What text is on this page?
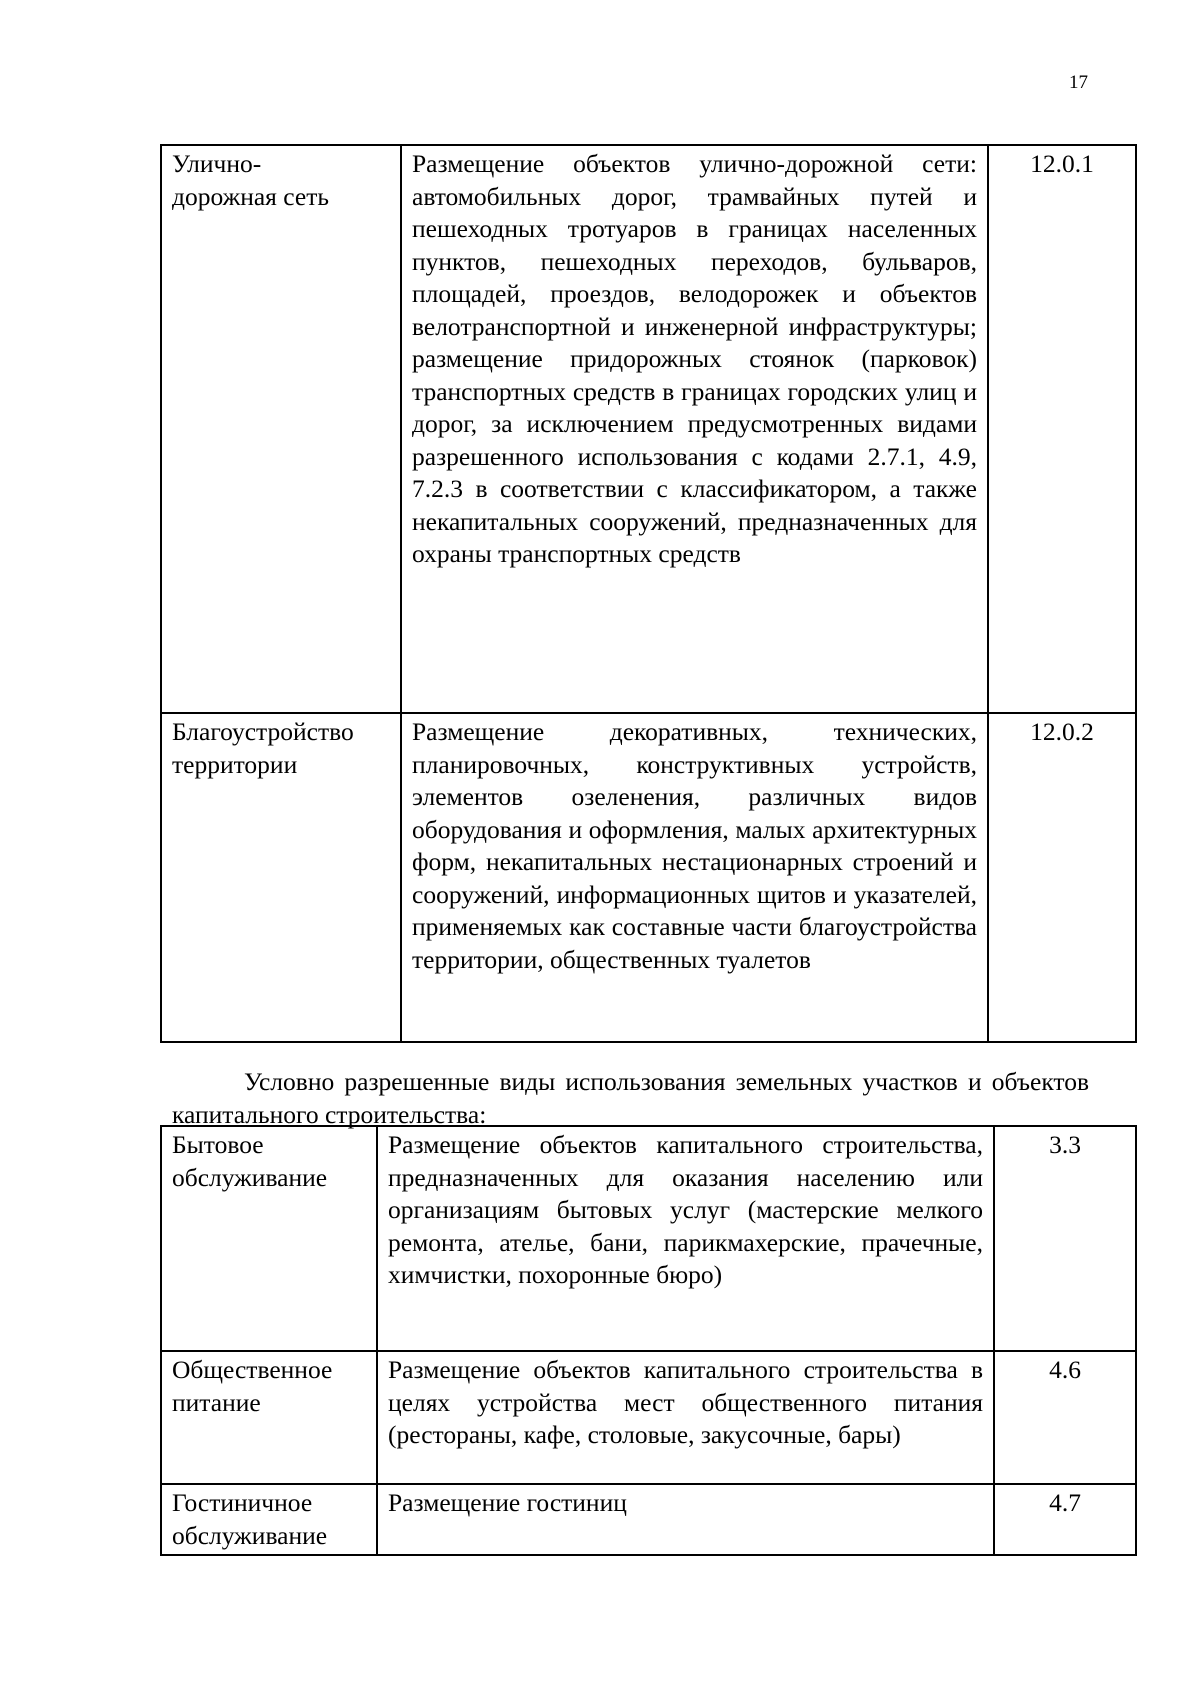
17
Улично-дорожная сеть	Размещение объектов улично-дорожной сети: автомобильных дорог, трамвайных путей и пешеходных тротуаров в границах населенных пунктов, пешеходных переходов, бульваров, площадей, проездов, велодорожек и объектов велотранспортной и инженерной инфраструктуры; размещение придорожных стоянок (парковок) транспортных средств в границах городских улиц и дорог, за исключением предусмотренных видами разрешенного использования с кодами 2.7.1, 4.9, 7.2.3 в соответствии с классификатором, а также некапитальных сооружений, предназначенных для охраны транспортных средств	12.0.1
Благоустройство территории	Размещение декоративных, технических, планировочных, конструктивных устройств, элементов озеленения, различных видов оборудования и оформления, малых архитектурных форм, некапитальных нестационарных строений и сооружений, информационных щитов и указателей, применяемых как составные части благоустройства территории, общественных туалетов	12.0.2
Условно разрешенные виды использования земельных участков и объектов капитального строительства:
Бытовое обслуживание	Размещение объектов капитального строительства, предназначенных для оказания населению или организациям бытовых услуг (мастерские мелкого ремонта, ателье, бани, парикмахерские, прачечные, химчистки, похоронные бюро)	3.3

Общественное питание	Размещение объектов капитального строительства в целях устройства мест общественного питания (рестораны, кафе, столовые, закусочные, бары)	4.6

Гостиничное обслуживание	Размещение гостиниц	4.7
